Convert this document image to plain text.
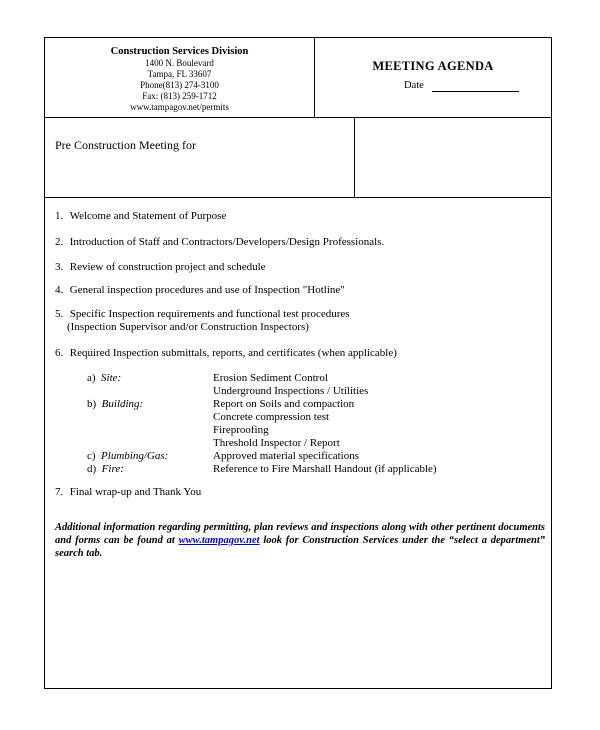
Construction Services Division
1400 N. Boulevard
Tampa, FL 33607
Phone(813) 274-3100
Fax: (813) 259-1712
www.tampagov.net/permits
MEETING AGENDA
Date
Pre Construction Meeting for
1. Welcome and Statement of Purpose
2. Introduction of Staff and Contractors/Developers/Design Professionals.
3. Review of construction project and schedule
4. General inspection procedures and use of Inspection "Hotline"
5. Specific Inspection requirements and functional test procedures
(Inspection Supervisor and/or Construction Inspectors)
6. Required Inspection submittals, reports, and certificates (when applicable)
a)  Site:	Erosion Sediment Control
Underground Inspections / Utilities
b)  Building:	Report on Soils and compaction
Concrete compression test
Fireproofing
Threshold Inspector / Report
c)  Plumbing/Gas:	Approved material specifications
d)  Fire:	Reference to Fire Marshall Handout (if applicable)
7. Final wrap-up and Thank You
Additional information regarding permitting, plan reviews and inspections along with other pertinent documents and forms can be found at www.tampagov.net look for Construction Services under the “select a department” search tab.
